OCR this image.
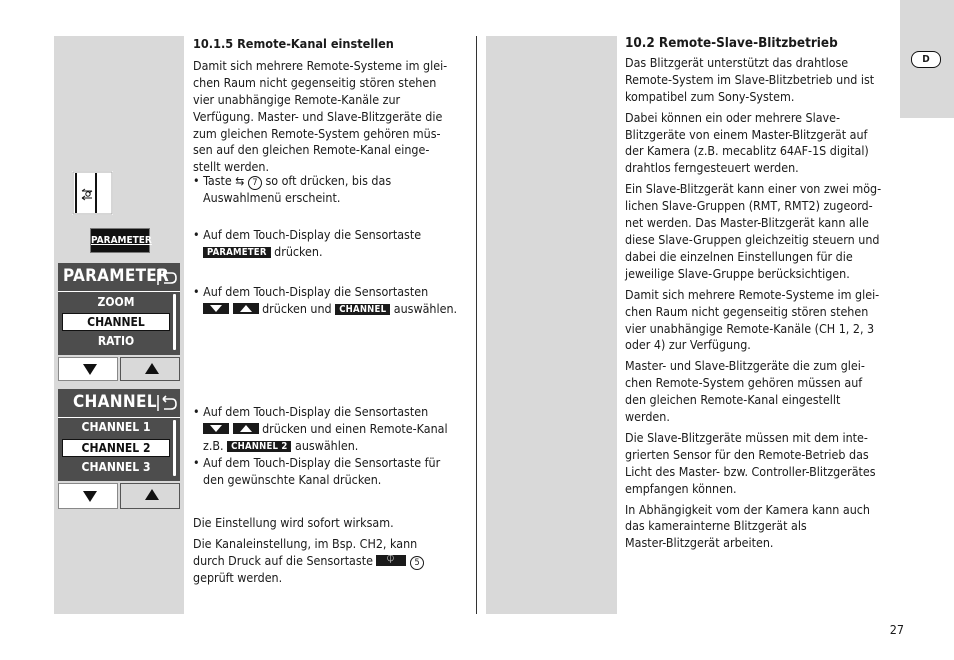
D
PARAMETER
PARAMETER
ZOOM
CHANNEL
RATIO
CHANNEL
CHANNEL 1
CHANNEL 2
CHANNEL 3

10.1.5 Remote-Kanal einstellen

Damit sich mehrere Remote-Systeme im glei-

chen Raum nicht gegenseitig stören stehen

vier unabhängige Remote-Kanäle zur

Verfügung. Master- und Slave-Blitzgeräte die

zum gleichen Remote-System gehören müs-

sen auf den gleichen Remote-Kanal einge-

stellt werden.

• Taste ⇆ 7 so oft drücken, bis das

Auswahlmenü erscheint.

• Auf dem Touch-Display die Sensortaste

PARAMETER drücken.

• Auf dem Touch-Display die Sensortasten

drücken und CHANNEL auswählen.

• Auf dem Touch-Display die Sensortasten

drücken und einen Remote-Kanal

z.B. CHANNEL 2 auswählen.

• Auf dem Touch-Display die Sensortaste für

den gewünschte Kanal drücken.

Die Einstellung wird sofort wirksam.

Die Kanaleinstellung, im Bsp. CH2, kann

durch Druck auf die Sensortaste ⏀ 5

geprüft werden.

10.2 Remote-Slave-Blitzbetrieb

Das Blitzgerät unterstützt das drahtlose

Remote-System im Slave-Blitzbetrieb und ist

kompatibel zum Sony-System.

Dabei können ein oder mehrere Slave-

Blitzgeräte von einem Master-Blitzgerät auf

der Kamera (z.B. mecablitz 64AF-1S digital)

drahtlos ferngesteuert werden.

Ein Slave-Blitzgerät kann einer von zwei mög-

lichen Slave-Gruppen (RMT, RMT2) zugeord-

net werden. Das Master-Blitzgerät kann alle

diese Slave-Gruppen gleichzeitig steuern und

dabei die einzelnen Einstellungen für die

jeweilige Slave-Gruppe berücksichtigen.

Damit sich mehrere Remote-Systeme im glei-

chen Raum nicht gegenseitig stören stehen

vier unabhängige Remote-Kanäle (CH 1, 2, 3

oder 4) zur Verfügung.

Master- und Slave-Blitzgeräte die zum glei-

chen Remote-System gehören müssen auf

den gleichen Remote-Kanal eingestellt

werden.

Die Slave-Blitzgeräte müssen mit dem inte-

grierten Sensor für den Remote-Betrieb das

Licht des Master- bzw. Controller-Blitzgerätes

empfangen können.

In Abhängigkeit vom der Kamera kann auch

das kamerainterne Blitzgerät als

Master-Blitzgerät arbeiten.

27
